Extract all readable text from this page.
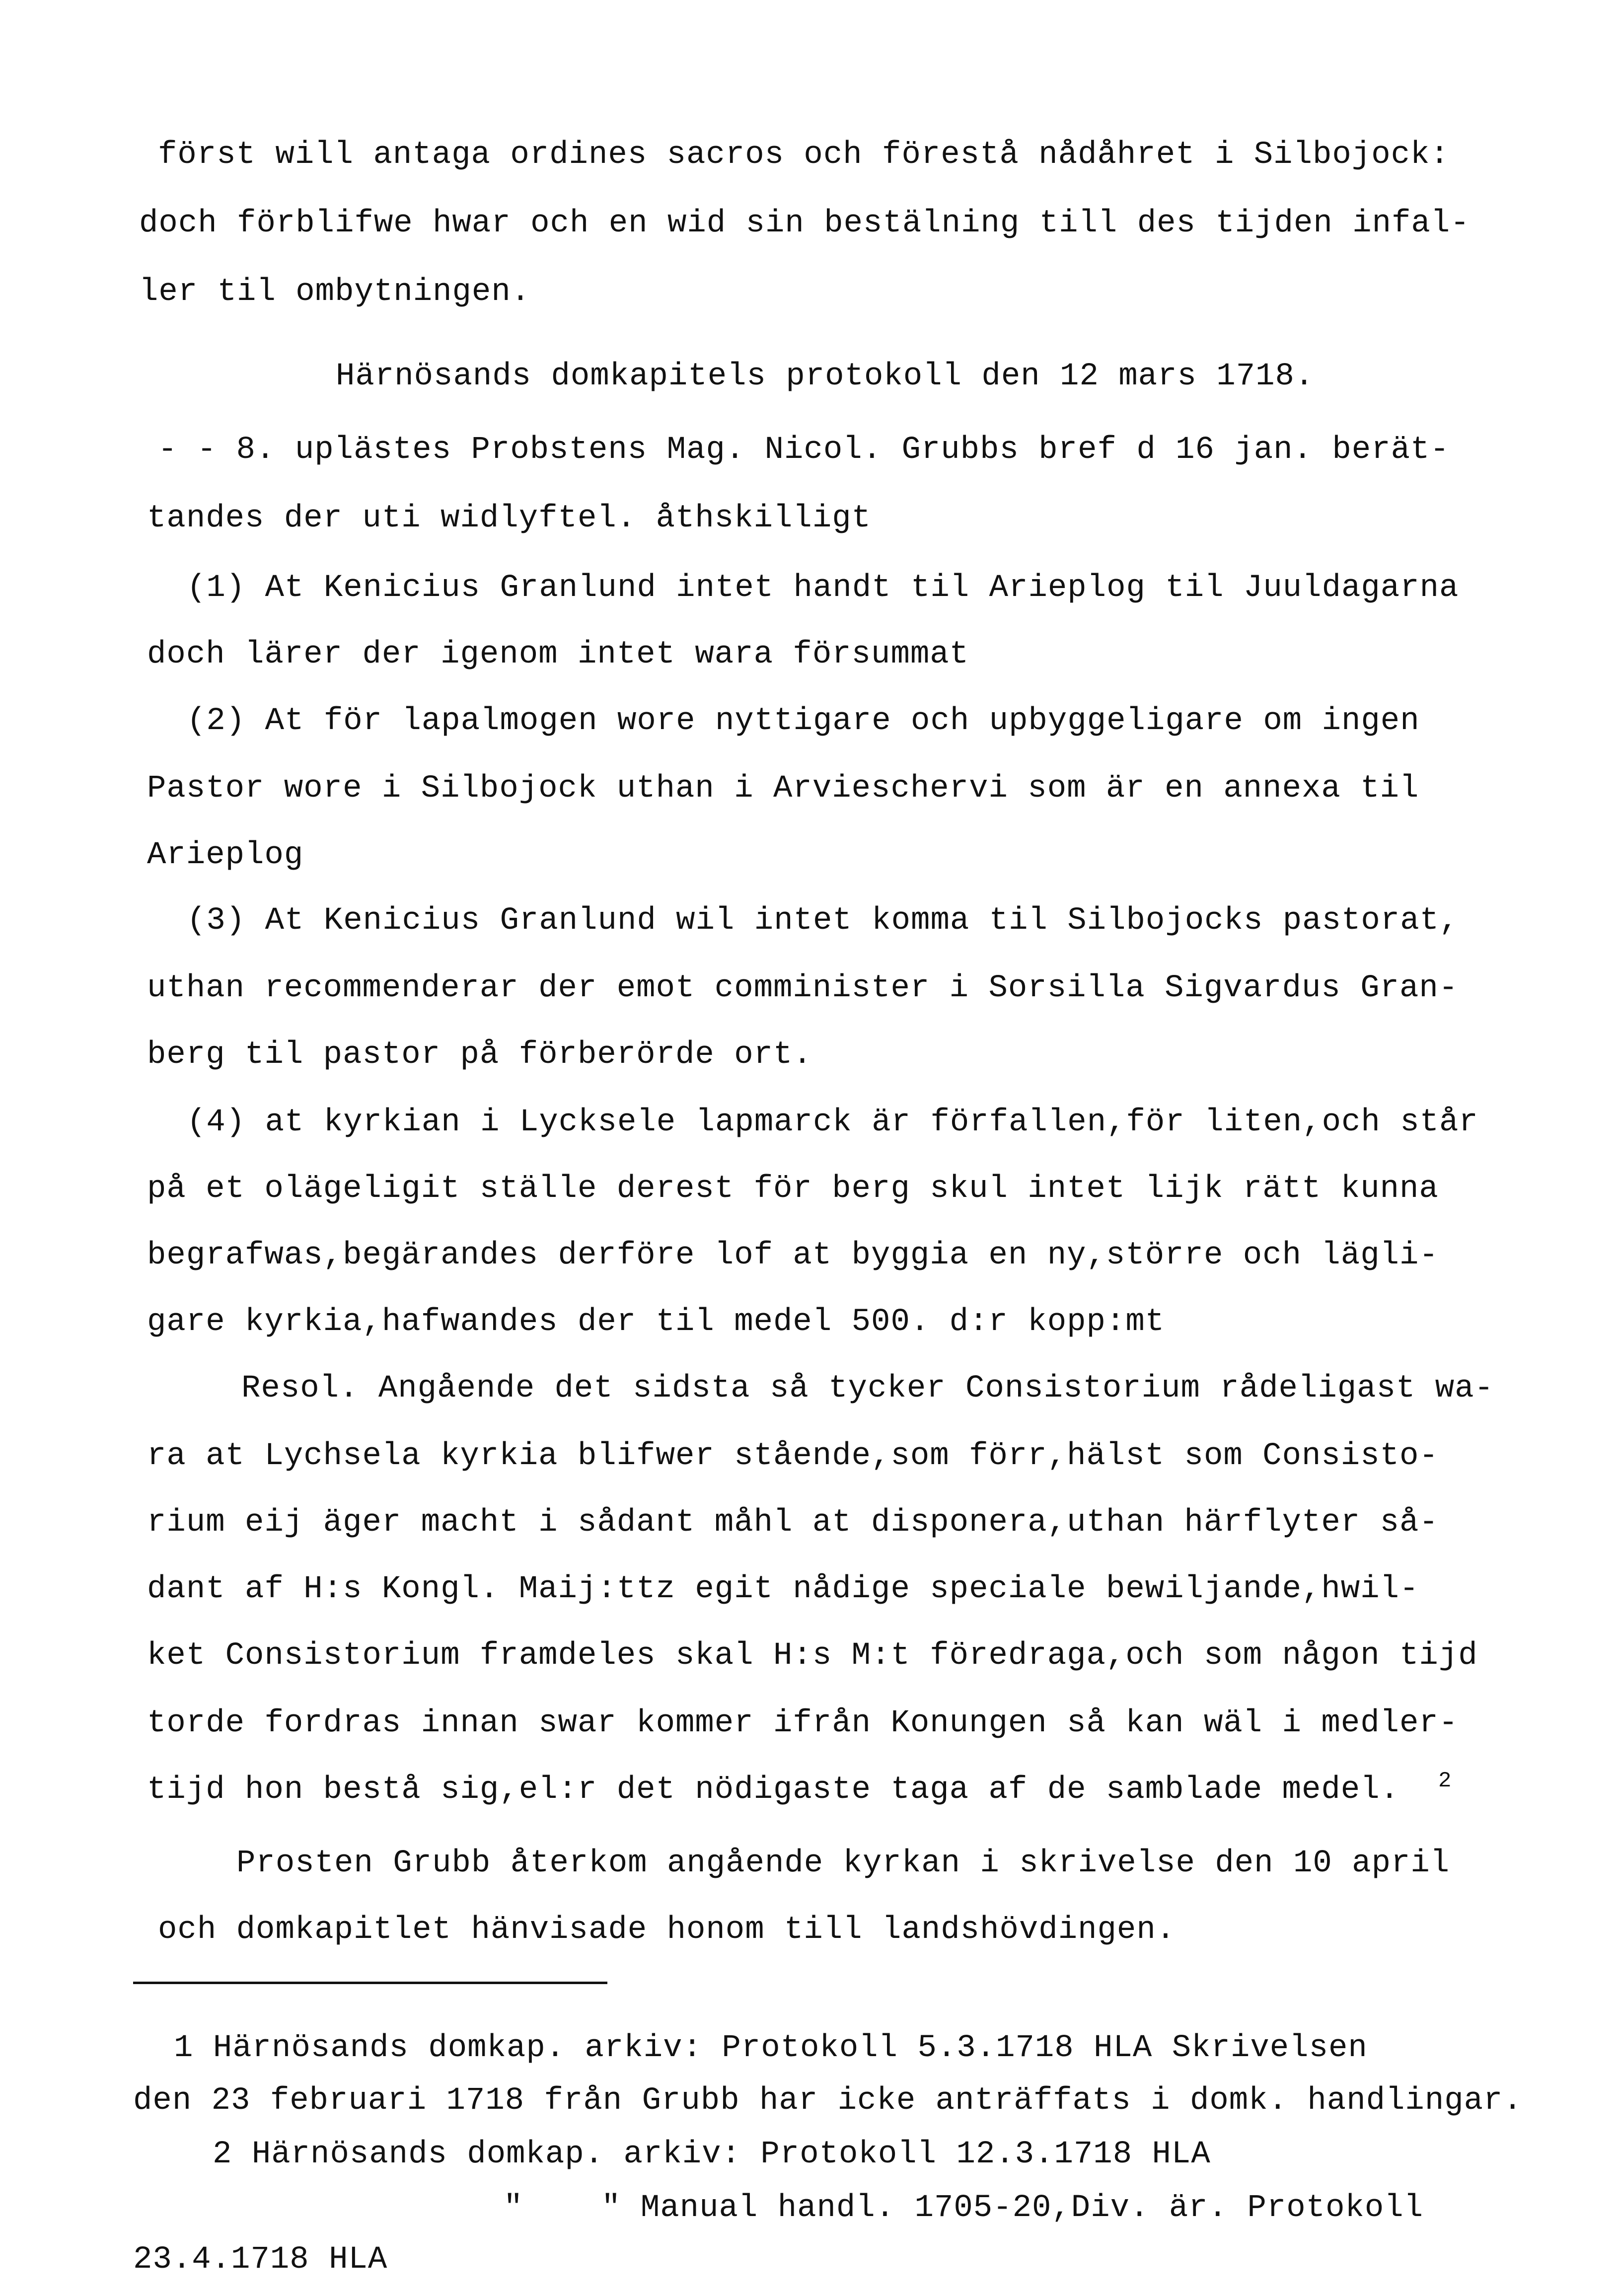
först will antaga ordines sacros och förestå nådåhret i Silbojock:
doch förblifwe hwar och en wid sin bestälning till des tijden infal-
ler til ombytningen.
Härnösands domkapitels protokoll den 12 mars 1718.
- - 8. uplästes Probstens Mag. Nicol. Grubbs bref d 16 jan. berät-
tandes der uti widlyftel. åthskilligt
(1) At Kenicius Granlund intet handt til Arieplog til Juuldagarna
doch lärer der igenom intet wara försummat
(2) At för lapalmogen wore nyttigare och upbyggeligare om ingen
Pastor wore i Silbojock uthan i Arvieschervi som är en annexa til
Arieplog
(3) At Kenicius Granlund wil intet komma til Silbojocks pastorat,
uthan recommenderar der emot comminister i Sorsilla Sigvardus Gran-
berg til pastor på förberörde ort.
(4) at kyrkian i Lycksele lapmarck är förfallen,för liten,och står
på et olägeligit ställe derest för berg skul intet lijk rätt kunna
begrafwas,begärandes derföre lof at byggia en ny,större och lägli-
gare kyrkia,hafwandes der til medel 500. d:r kopp:mt
Resol. Angående det sidsta så tycker Consistorium rådeligast wa-
ra at Lychsela kyrkia blifwer stående,som förr,hälst som Consisto-
rium eij äger macht i sådant måhl at disponera,uthan härflyter så-
dant af H:s Kongl. Maij:ttz egit nådige speciale bewiljande,hwil-
ket Consistorium framdeles skal H:s M:t föredraga,och som någon tijd
torde fordras innan swar kommer ifrån Konungen så kan wäl i medler-
tijd hon bestå sig,el:r det nödigaste taga af de samblade medel. 2
Prosten Grubb återkom angående kyrkan i skrivelse den 10 april
och domkapitlet hänvisade honom till landshövdingen.
1 Härnösands domkap. arkiv: Protokoll 5.3.1718 HLA Skrivelsen
den 23 februari 1718 från Grubb har icke anträffats i domk. handlingar.
2 Härnösands domkap. arkiv: Protokoll 12.3.1718 HLA
"    " Manual handl. 1705-20,Div. är. Protokoll
23.4.1718 HLA
